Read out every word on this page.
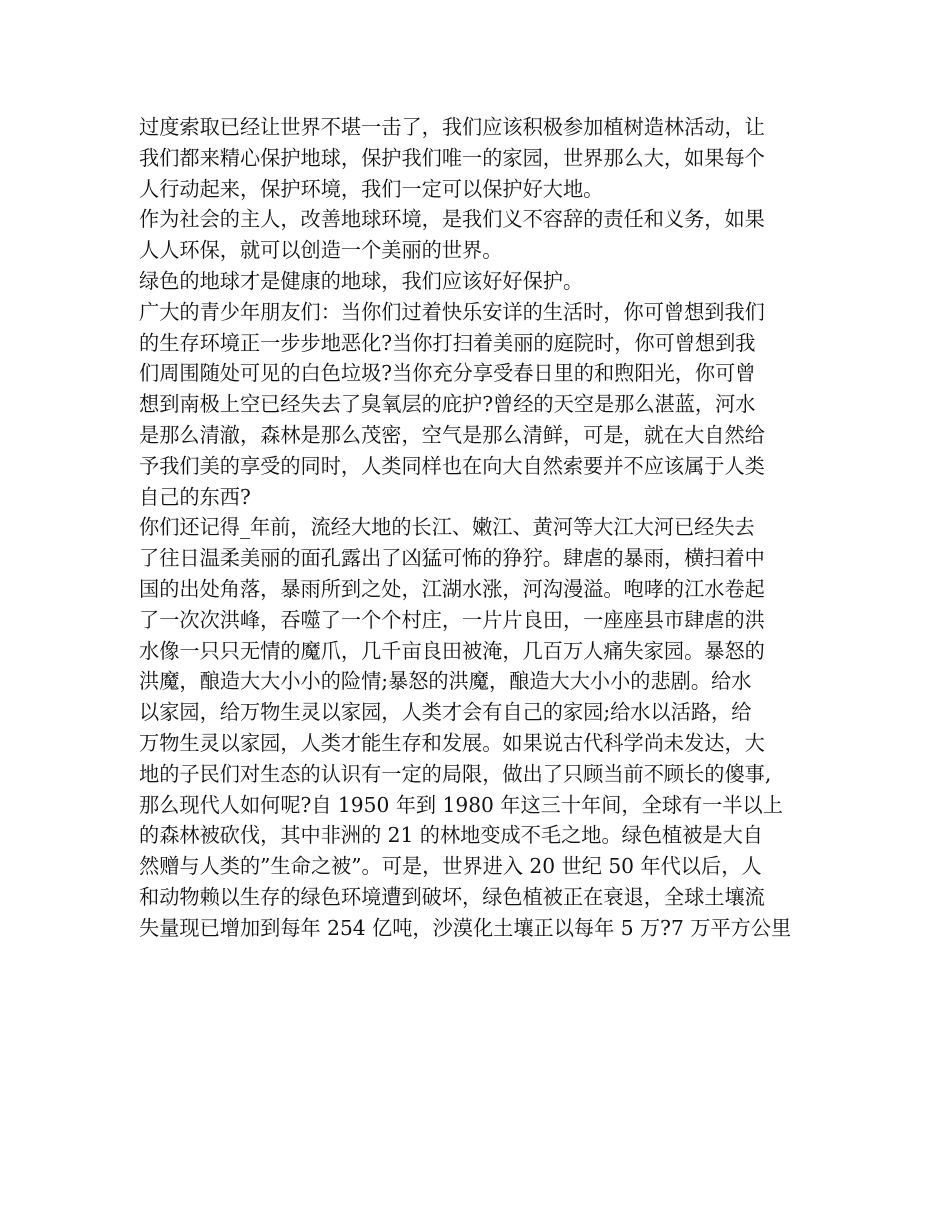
过度索取已经让世界不堪一击了，我们应该积极参加植树造林活动，让
我们都来精心保护地球，保护我们唯一的家园，世界那么大，如果每个
人行动起来，保护环境，我们一定可以保护好大地。
作为社会的主人，改善地球环境，是我们义不容辞的责任和义务，如果
人人环保，就可以创造一个美丽的世界。
绿色的地球才是健康的地球，我们应该好好保护。
广大的青少年朋友们：当你们过着快乐安详的生活时，你可曾想到我们
的生存环境正一步步地恶化?当你打扫着美丽的庭院时，你可曾想到我
们周围随处可见的白色垃圾?当你充分享受春日里的和煦阳光，你可曾
想到南极上空已经失去了臭氧层的庇护?曾经的天空是那么湛蓝，河水
是那么清澈，森林是那么茂密，空气是那么清鲜，可是，就在大自然给
予我们美的享受的同时，人类同样也在向大自然索要并不应该属于人类
自己的东西?
你们还记得_年前，流经大地的长江、嫩江、黄河等大江大河已经失去
了往日温柔美丽的面孔露出了凶猛可怖的狰狞。肆虐的暴雨，横扫着中
国的出处角落，暴雨所到之处，江湖水涨，河沟漫溢。咆哮的江水卷起
了一次次洪峰，吞噬了一个个村庄，一片片良田，一座座县市肆虐的洪
水像一只只无情的魔爪，几千亩良田被淹，几百万人痛失家园。暴怒的
洪魔，酿造大大小小的险情;暴怒的洪魔，酿造大大小小的悲剧。给水
以家园，给万物生灵以家园，人类才会有自己的家园;给水以活路，给
万物生灵以家园，人类才能生存和发展。如果说古代科学尚未发达，大
地的子民们对生态的认识有一定的局限，做出了只顾当前不顾长的傻事,
那么现代人如何呢?自 1950 年到 1980 年这三十年间，全球有一半以上
的森林被砍伐，其中非洲的 21 的林地变成不毛之地。绿色植被是大自
然赠与人类的”生命之被”。可是，世界进入 20 世纪 50 年代以后，人
和动物赖以生存的绿色环境遭到破坏，绿色植被正在衰退，全球土壤流
失量现已增加到每年 254 亿吨，沙漠化土壤正以每年 5 万?7 万平方公里
